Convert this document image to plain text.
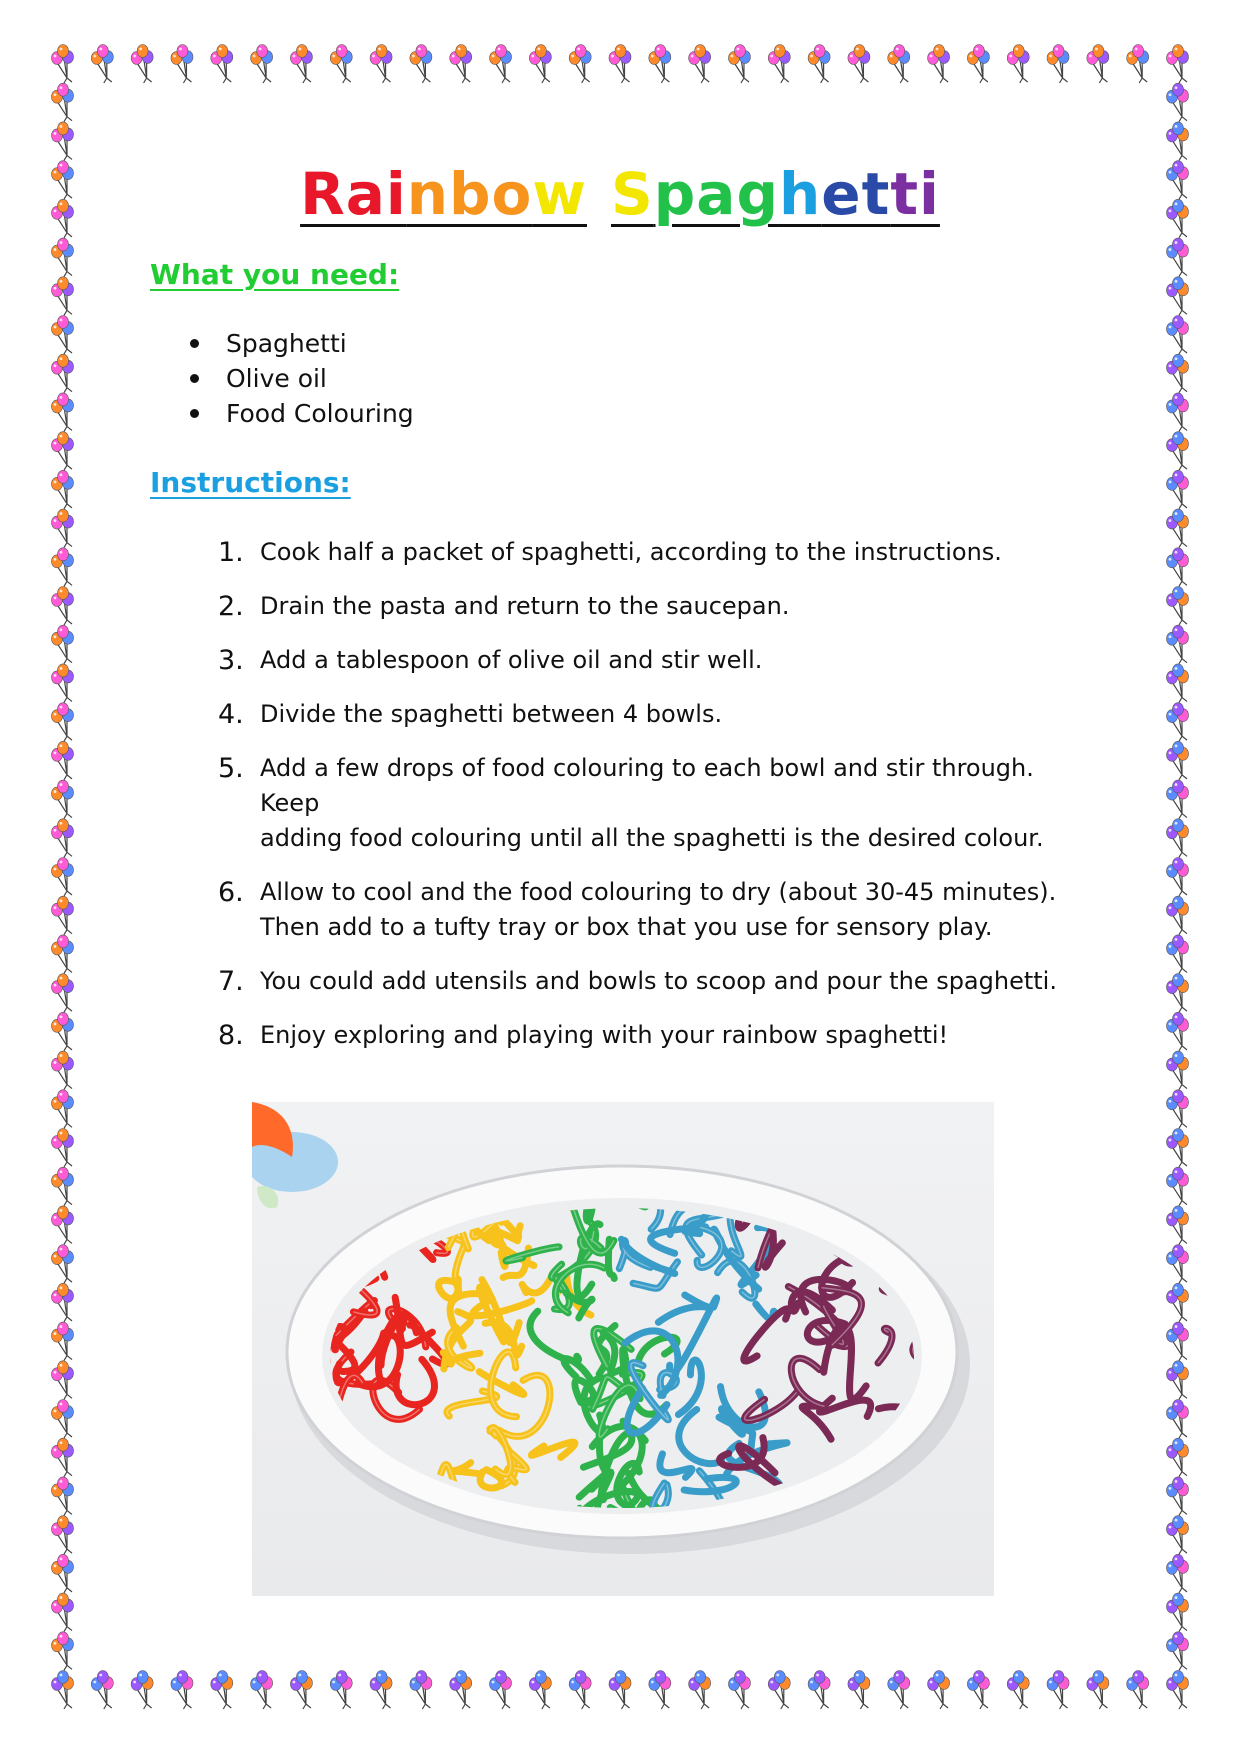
Rainbow Spaghetti
What you need:
Spaghetti
Olive oil
Food Colouring
Instructions:
1. Cook half a packet of spaghetti, according to the instructions.
2. Drain the pasta and return to the saucepan.
3. Add a tablespoon of olive oil and stir well.
4. Divide the spaghetti between 4 bowls.
5. Add a few drops of food colouring to each bowl and stir through. Keep
adding food colouring until all the spaghetti is the desired colour.
6. Allow to cool and the food colouring to dry (about 30-45 minutes).
Then add to a tufty tray or box that you use for sensory play.
7. You could add utensils and bowls to scoop and pour the spaghetti.
8. Enjoy exploring and playing with your rainbow spaghetti!
